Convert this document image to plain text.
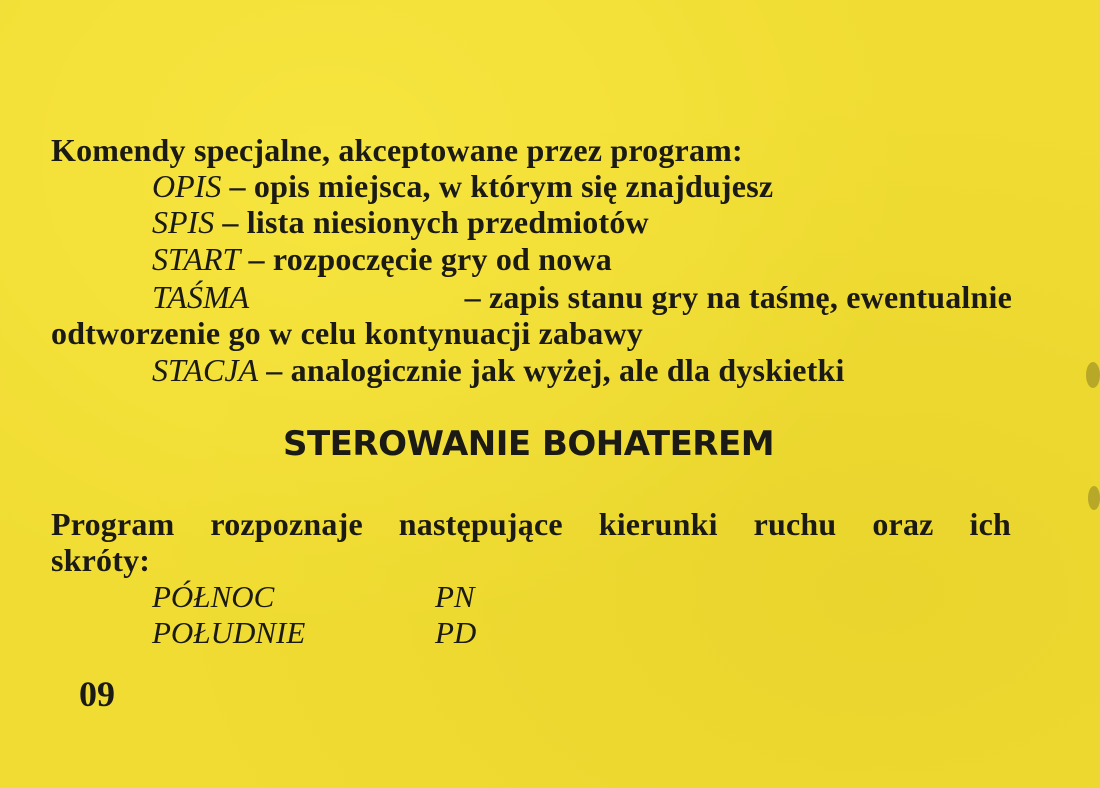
Komendy specjalne, akceptowane przez program:
OPIS – opis miejsca, w którym się znajdujesz
SPIS – lista niesionych przedmiotów
START – rozpoczęcie gry od nowa
TAŚMA	– zapis stanu gry na taśmę, ewentualnie
odtworzenie go w celu kontynuacji zabawy
STACJA – analogicznie jak wyżej, ale dla dyskietki
STEROWANIE BOHATEREM
Program rozpoznaje następujące kierunki ruchu oraz ich
skróty:
PÓŁNOC	PN
POŁUDNIE	PD
09
